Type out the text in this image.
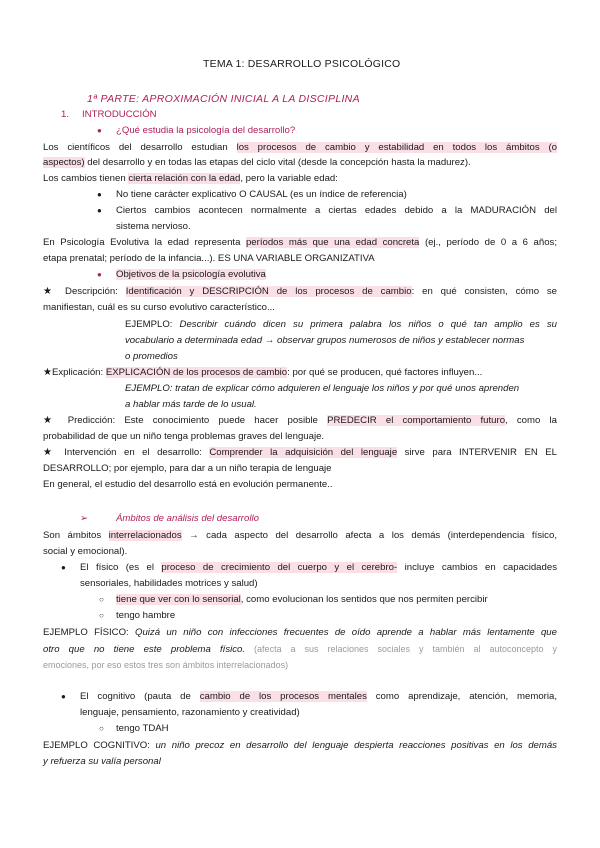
TEMA 1: DESARROLLO PSICOLÓGICO
1ª PARTE: APROXIMACIÓN INICIAL A LA DISCIPLINA
1. INTRODUCCIÓN
● ¿Qué estudia la psicología del desarrollo?
Los científicos del desarrollo estudian los procesos de cambio y estabilidad en todos los ámbitos (o
aspectos) del desarrollo y en todas las etapas del ciclo vital (desde la concepción hasta la madurez).
Los cambios tienen cierta relación con la edad, pero la variable edad:
● No tiene carácter explicativo O CAUSAL (es un índice de referencia)
● Ciertos cambios acontecen normalmente a ciertas edades debido a la MADURACIÓN del
sistema nervioso.
En Psicología Evolutiva la edad representa períodos más que una edad concreta (ej., período de 0 a 6 años;
etapa prenatal; período de la infancia...). ES UNA VARIABLE ORGANIZATIVA
● Objetivos de la psicología evolutiva
★ Descripción: Identificación y DESCRIPCIÓN de los procesos de cambio: en qué consisten, cómo se
manifiestan, cuál es su curso evolutivo característico...
EJEMPLO: Describir cuándo dicen su primera palabra los niños o qué tan amplio es su
vocabulario a determinada edad → observar grupos numerosos de niños y establecer normas
o promedios
★Explicación: EXPLICACIÓN de los procesos de cambio: por qué se producen, qué factores influyen...
EJEMPLO: tratan de explicar cómo adquieren el lenguaje los niños y por qué unos aprenden
a hablar más tarde de lo usual.
★ Predicción: Este conocimiento puede hacer posible PREDECIR el comportamiento futuro, como la
probabilidad de que un niño tenga problemas graves del lenguaje.
★ Intervención en el desarrollo: Comprender la adquisición del lenguaje sirve para INTERVENIR EN EL
DESARROLLO; por ejemplo, para dar a un niño terapia de lenguaje
En general, el estudio del desarrollo está en evolución permanente..
➢	Ámbitos de análisis del desarrollo
Son ámbitos interrelacionados → cada aspecto del desarrollo afecta a los demás (interdependencia físico,
social y emocional).
● El físico (es el proceso de crecimiento del cuerpo y el cerebro- incluye cambios en capacidades
sensoriales, habilidades motrices y salud)
○ tiene que ver con lo sensorial, como evolucionan los sentidos que nos permiten percibir
○ tengo hambre
EJEMPLO FÍSICO: Quizá un niño con infecciones frecuentes de oído aprende a hablar más lentamente que
otro que no tiene este problema físico. (afecta a sus relaciones sociales y también al autoconcepto y
emociones, por eso estos tres son ámbitos interrelacionados)
● El cognitivo (pauta de cambio de los procesos mentales como aprendizaje, atención, memoria,
lenguaje, pensamiento, razonamiento y creatividad)
○ tengo TDAH
EJEMPLO COGNITIVO: un niño precoz en desarrollo del lenguaje despierta reacciones positivas en los demás
y refuerza su valía personal
